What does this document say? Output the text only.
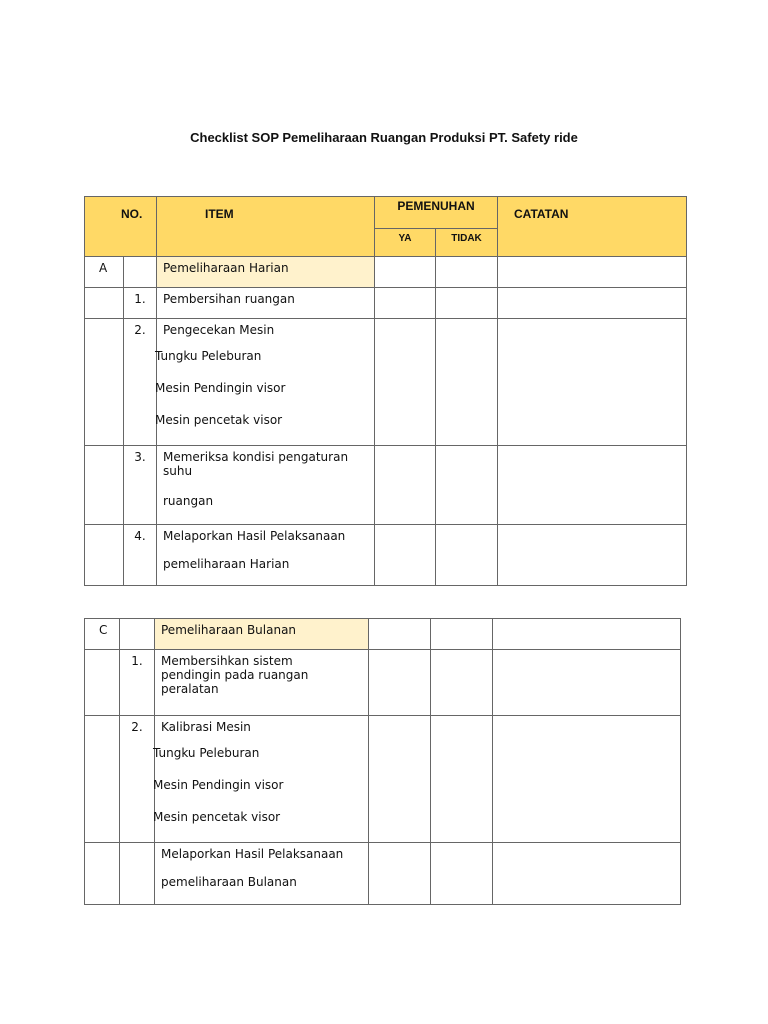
Checklist SOP Pemeliharaan Ruangan Produksi PT. Safety ride
NO.		ITEM	PEMENUHAN		CATATAN

			YA	TIDAK	

A		Pemeliharaan Harian			
	1.	Pembersihan ruangan			
	2.	Pengecekan Mesin
Tungku Peleburan
Mesin Pendingin visor
Mesin pencetak visor			

	3.	Memeriksa kondisi pengaturan suhu
ruangan			

	4.	Melaporkan Hasil Pelaksanaan
pemeliharaan Harian			

C		Pemeliharaan Bulanan			
	1.	Membersihkan sistem pendingin pada ruangan peralatan			
	2.	Kalibrasi Mesin
Tungku Peleburan
Mesin Pendingin visor
Mesin pencetak visor			

		Melaporkan Hasil Pelaksanaan
pemeliharaan Bulanan			
